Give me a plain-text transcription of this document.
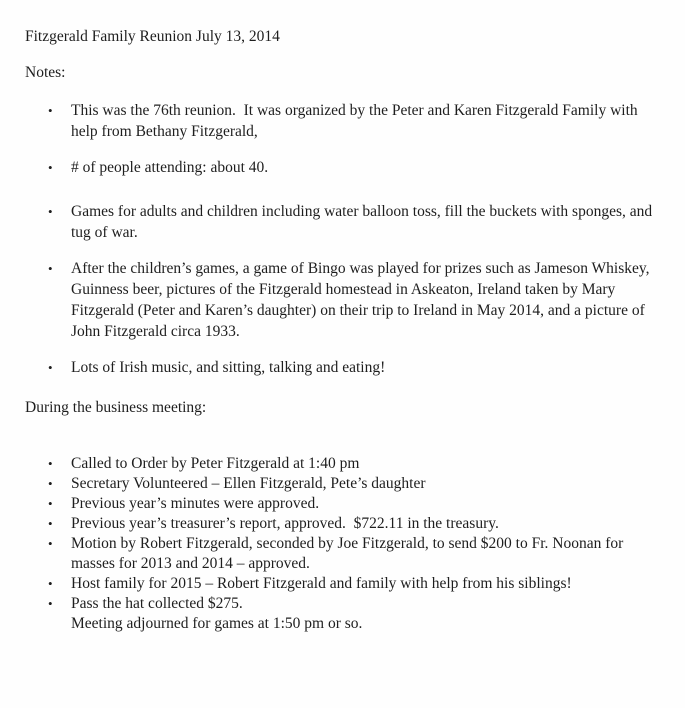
Fitzgerald Family Reunion July 13, 2014

Notes:

•	This was the 76th reunion.  It was organized by the Peter and Karen Fitzgerald Family with help from Bethany Fitzgerald,
•	# of people attending: about 40.
•	Games for adults and children including water balloon toss, fill the buckets with sponges, and tug of war.
•	After the children’s games, a game of Bingo was played for prizes such as Jameson Whiskey, Guinness beer, pictures of the Fitzgerald homestead in Askeaton, Ireland taken by Mary Fitzgerald (Peter and Karen’s daughter) on their trip to Ireland in May 2014, and a picture of John Fitzgerald circa 1933.
•	Lots of Irish music, and sitting, talking and eating!

During the business meeting:

•	Called to Order by Peter Fitzgerald at 1:40 pm
•	Secretary Volunteered – Ellen Fitzgerald, Pete’s daughter
•	Previous year’s minutes were approved.
•	Previous year’s treasurer’s report, approved.  $722.11 in the treasury.
•	Motion by Robert Fitzgerald, seconded by Joe Fitzgerald, to send $200 to Fr. Noonan for masses for 2013 and 2014 – approved.
•	Host family for 2015 – Robert Fitzgerald and family with help from his siblings!
•	Pass the hat collected $275.
Meeting adjourned for games at 1:50 pm or so.
